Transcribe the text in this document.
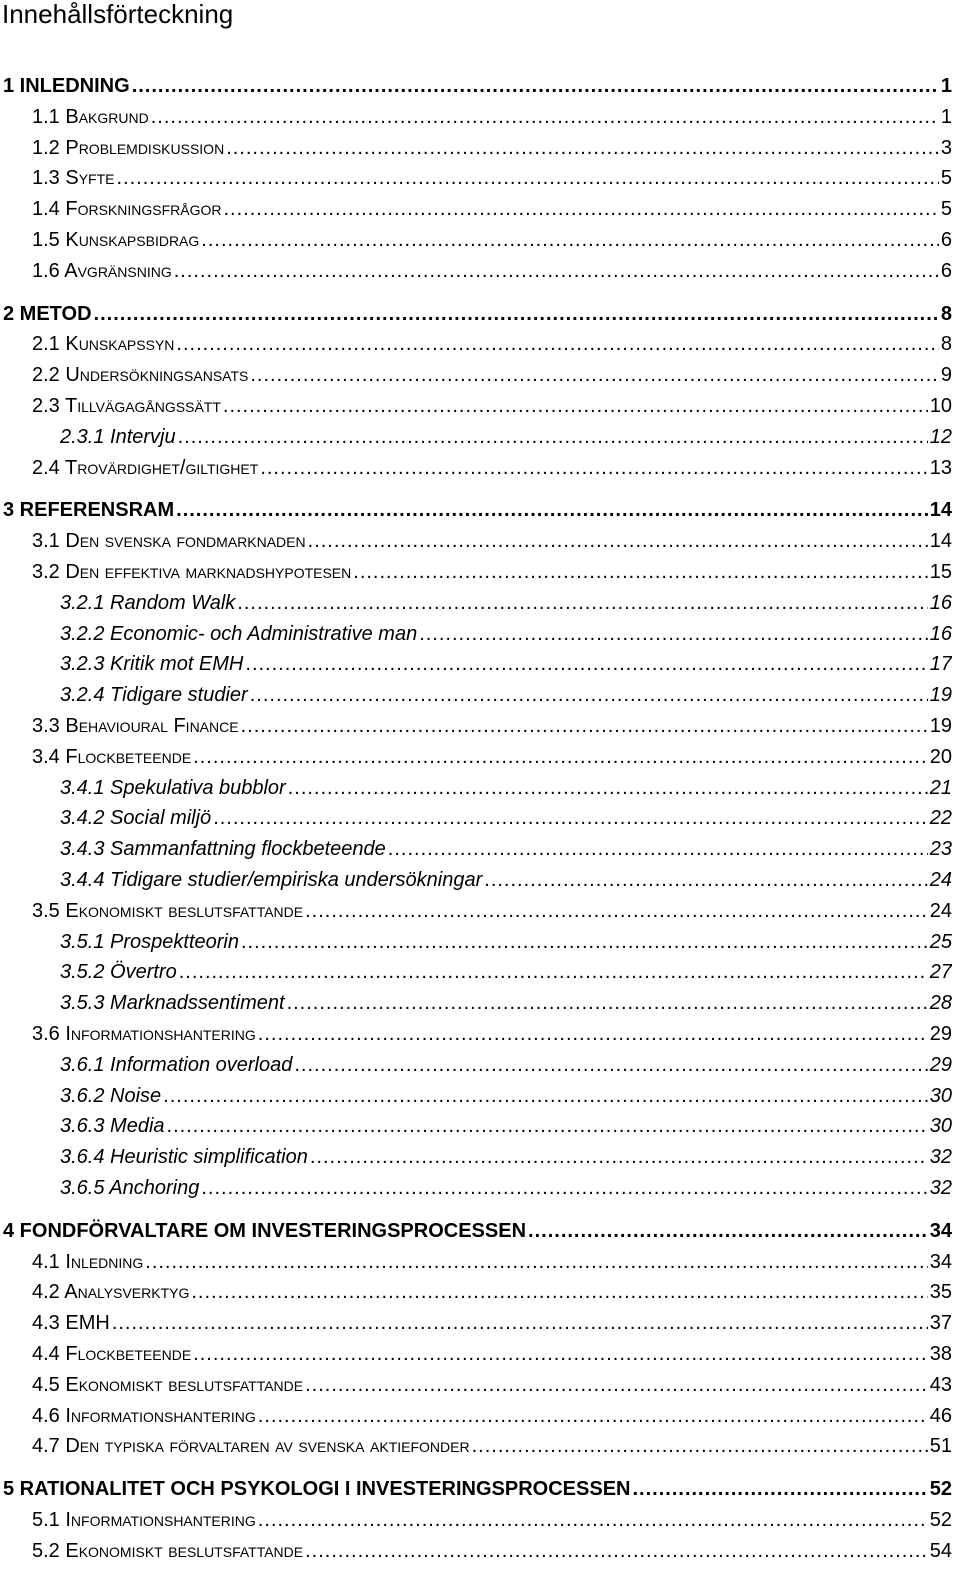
Innehållsförteckning
1 INLEDNING .....	1
1.1 Bakgrund .....	1
1.2 Problemdiskussion .....	3
1.3 Syfte .....	5
1.4 Forskningsfrågor .....	5
1.5 Kunskapsbidrag .....	6
1.6 Avgränsning .....	6
2 METOD .....	8
2.1 Kunskapssyn .....	8
2.2 Undersökningsansats .....	9
2.3 Tillvägagångssätt .....	10
2.3.1 Intervju .....	12
2.4 Trovärdighet/giltighet .....	13
3 REFERENSRAM .....	14
3.1 Den svenska fondmarknaden .....	14
3.2 Den effektiva marknadshypotesen .....	15
3.2.1 Random Walk .....	16
3.2.2 Economic- och Administrative man .....	16
3.2.3 Kritik mot EMH .....	17
3.2.4 Tidigare studier .....	19
3.3 Behavioural Finance .....	19
3.4 Flockbeteende .....	20
3.4.1 Spekulativa bubblor .....	21
3.4.2 Social miljö .....	22
3.4.3 Sammanfattning flockbeteende .....	23
3.4.4 Tidigare studier/empiriska undersökningar .....	24
3.5 Ekonomiskt beslutsfattande .....	24
3.5.1 Prospektteorin .....	25
3.5.2 Övertro .....	27
3.5.3 Marknadssentiment .....	28
3.6 Informationshantering .....	29
3.6.1 Information overload .....	29
3.6.2 Noise .....	30
3.6.3 Media .....	30
3.6.4 Heuristic simplification .....	32
3.6.5 Anchoring .....	32
4 FONDFÖRVALTARE OM INVESTERINGSPROCESSEN .....	34
4.1 Inledning .....	34
4.2 Analysverktyg .....	35
4.3 EMH .....	37
4.4 Flockbeteende .....	38
4.5 Ekonomiskt beslutsfattande .....	43
4.6 Informationshantering .....	46
4.7 Den typiska förvaltaren av svenska aktiefonder .....	51
5 RATIONALITET OCH PSYKOLOGI I INVESTERINGSPROCESSEN .....	52
5.1 Informationshantering .....	52
5.2 Ekonomiskt beslutsfattande .....	54
